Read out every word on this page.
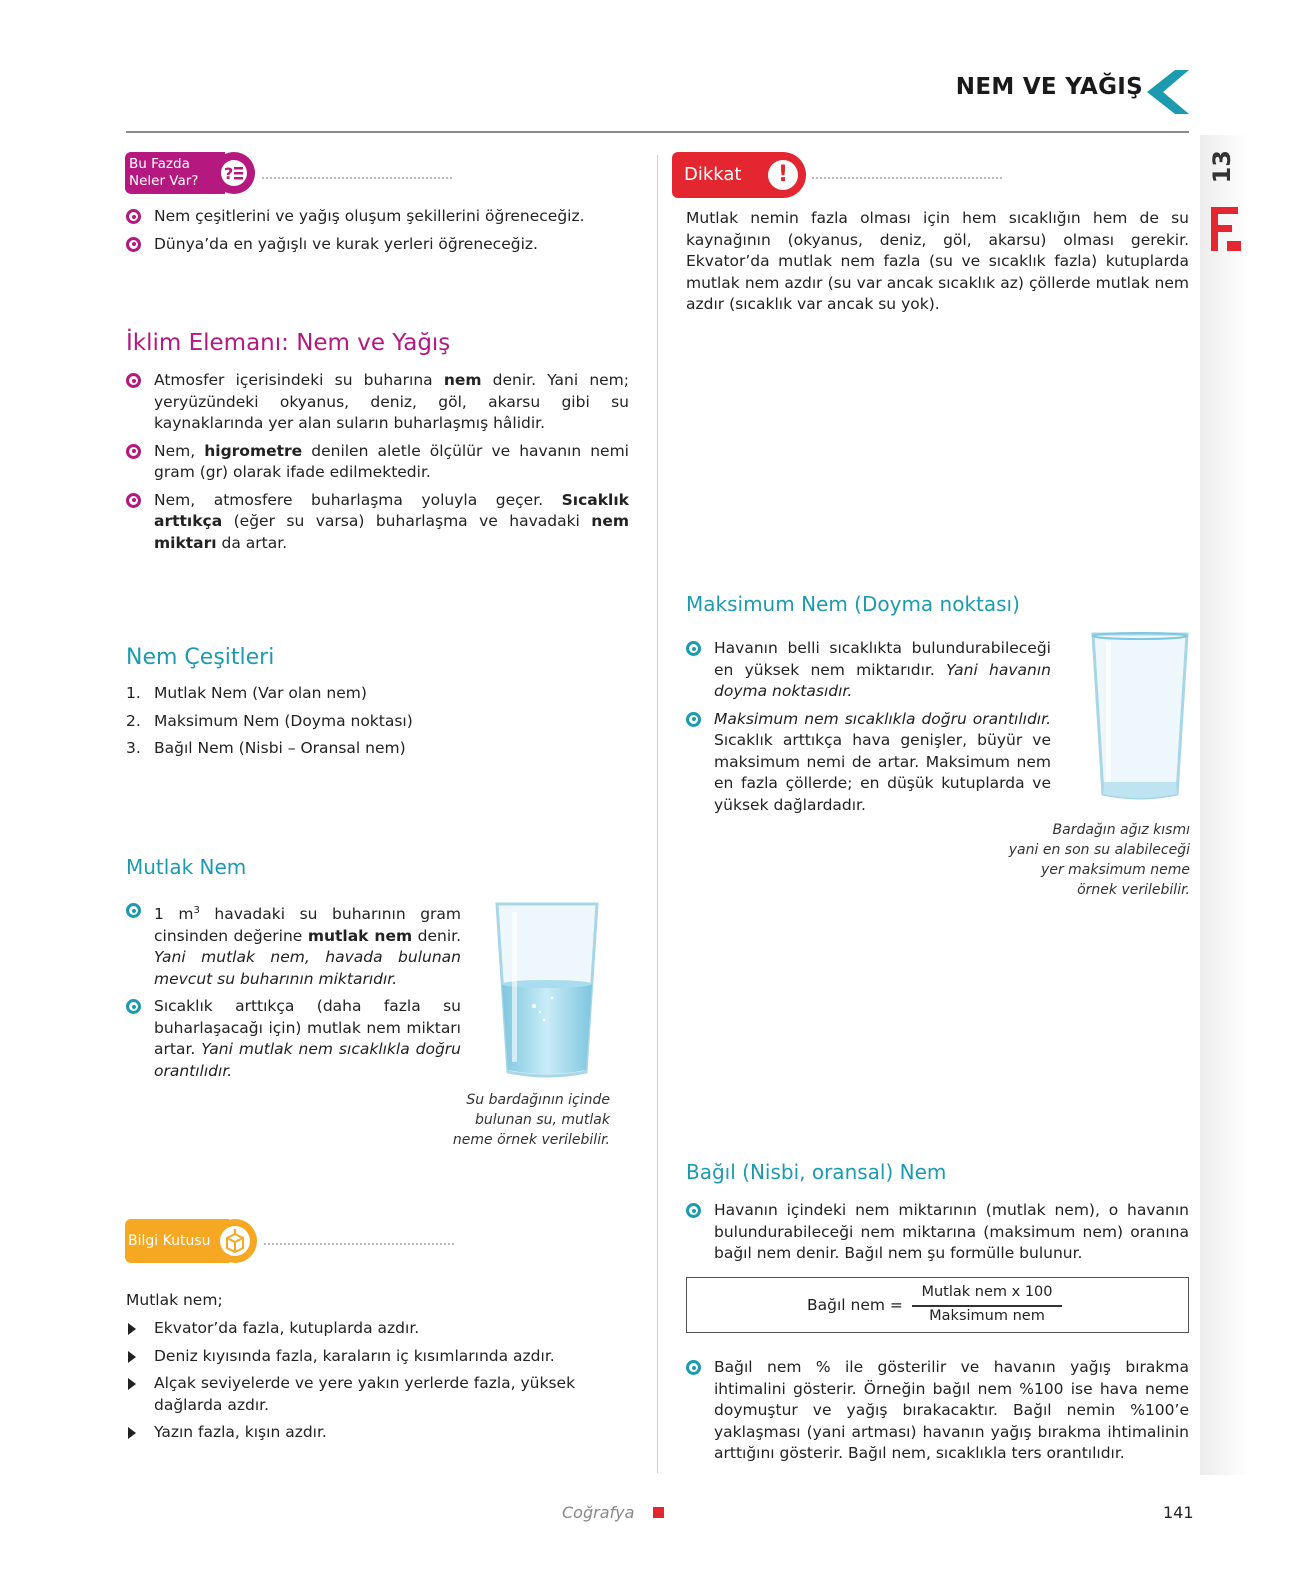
NEM VE YAĞIŞ
13
Bu Fazda
Neler Var?	?
Nem çeşitlerini ve yağış oluşum şekillerini öğreneceğiz.
Dünya’da en yağışlı ve kurak yerleri öğreneceğiz.
İklim Elemanı: Nem ve Yağış
Atmosfer içerisindeki su buharına nem denir. Yani nem; yeryüzündeki okyanus, deniz, göl, akarsu gibi su kaynaklarında yer alan suların buharlaşmış hâlidir.
Nem, higrometre denilen aletle ölçülür ve havanın nemi gram (gr) olarak ifade edilmektedir.
Nem, atmosfere buharlaşma yoluyla geçer. Sıcaklık arttıkça (eğer su varsa) buharlaşma ve havadaki nem miktarı da artar.
Nem Çeşitleri
1. Mutlak Nem (Var olan nem)
2. Maksimum Nem (Doyma noktası)
3. Bağıl Nem (Nisbi – Oransal nem)
Mutlak Nem
1 $m^3$ havadaki su buharının gram cinsinden değerine mutlak nem denir. Yani mutlak nem, havada bulunan mevcut su buharının miktarıdır.
Sıcaklık arttıkça (daha fazla su buharlaşacağı için) mutlak nem miktarı artar. Yani mutlak nem sıcaklıkla doğru orantılıdır.
Su bardağının içinde
bulunan su, mutlak
neme örnek verilebilir.
Bilgi Kutusu
Mutlak nem;
Ekvator’da fazla, kutuplarda azdır.
Deniz kıyısında fazla, karaların iç kısımlarında azdır.
Alçak seviyelerde ve yere yakın yerlerde fazla, yüksek dağlarda azdır.
Yazın fazla, kışın azdır.
Dikkat	!
Mutlak nemin fazla olması için hem sıcaklığın hem de su kaynağının (okyanus, deniz, göl, akarsu) olması gerekir. Ekvator’da mutlak nem fazla (su ve sıcaklık fazla) kutuplarda mutlak nem azdır (su var ancak sıcaklık az) çöllerde mutlak nem azdır (sıcaklık var ancak su yok).
Maksimum Nem (Doyma noktası)
Havanın belli sıcaklıkta bulundurabileceği en yüksek nem miktarıdır. Yani havanın doyma noktasıdır.
Maksimum nem sıcaklıkla doğru orantılıdır. Sıcaklık arttıkça hava genişler, büyür ve maksimum nemi de artar. Maksimum nem en fazla çöllerde; en düşük kutuplarda ve yüksek dağlardadır.
Bardağın ağız kısmı
yani en son su alabileceği
yer maksimum neme
örnek verilebilir.
Bağıl (Nisbi, oransal) Nem
Havanın içindeki nem miktarının (mutlak nem), o havanın bulundurabileceği nem miktarına (maksimum nem) oranına bağıl nem denir. Bağıl nem şu formülle bulunur.
Bağıl nem =
Mutlak nem x 100
Maksimum nem
Bağıl nem % ile gösterilir ve havanın yağış bırakma ihtimalini gösterir. Örneğin bağıl nem %100 ise hava neme doymuştur ve yağış bırakacaktır. Bağıl nemin %100’e yaklaşması (yani artması) havanın yağış bırakma ihtimalinin arttığını gösterir. Bağıl nem, sıcaklıkla ters orantılıdır.
Coğrafya	141
